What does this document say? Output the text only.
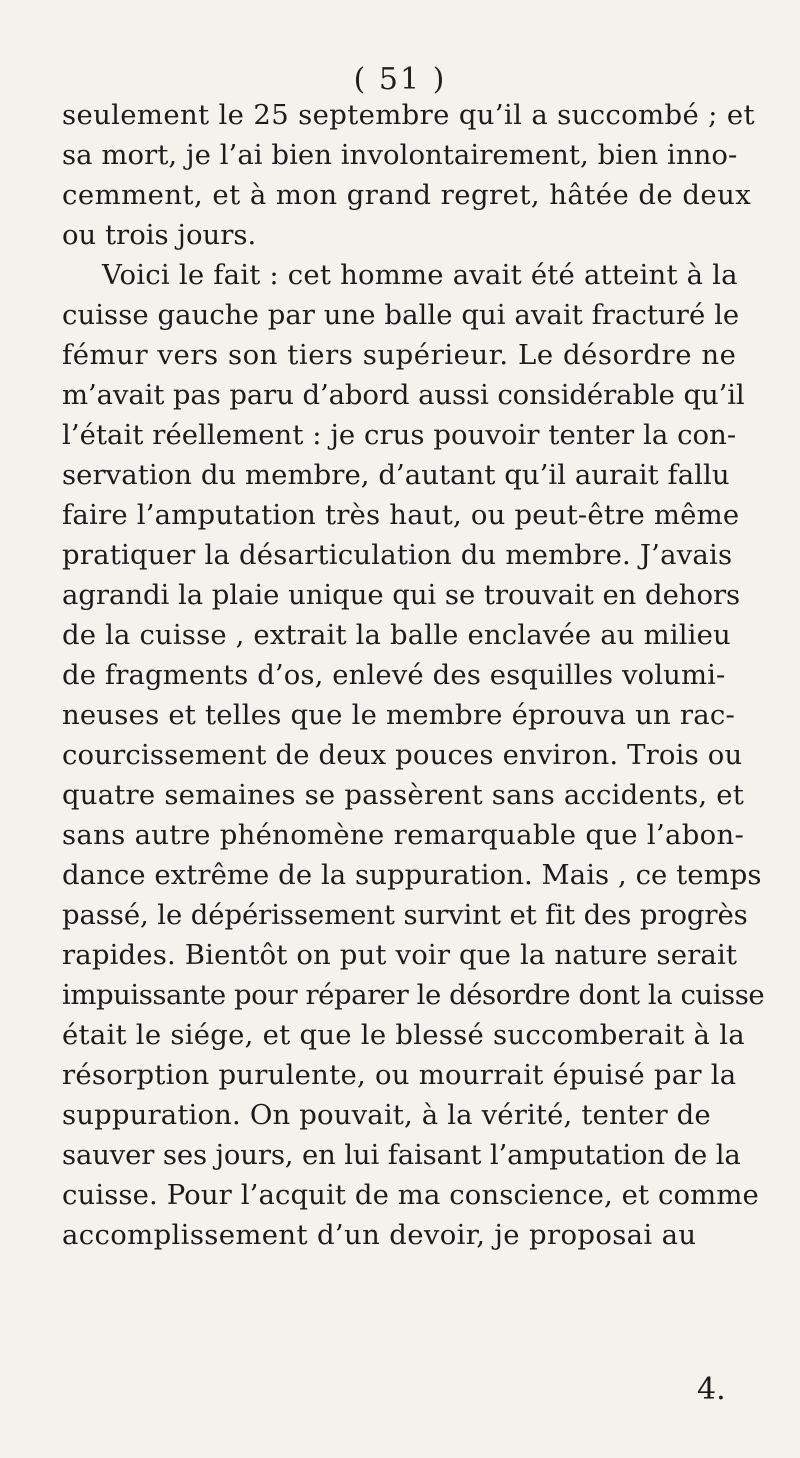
( 51 )
seulement le 25 septembre qu’il a succombé ; et
sa mort, je l’ai bien involontairement, bien inno-
cemment, et à mon grand regret, hâtée de deux
ou trois jours.
Voici le fait : cet homme avait été atteint à la
cuisse gauche par une balle qui avait fracturé le
fémur vers son tiers supérieur. Le désordre ne
m’avait pas paru d’abord aussi considérable qu’il
l’était réellement : je crus pouvoir tenter la con-
servation du membre, d’autant qu’il aurait fallu
faire l’amputation très haut, ou peut-être même
pratiquer la désarticulation du membre. J’avais
agrandi la plaie unique qui se trouvait en dehors
de la cuisse , extrait la balle enclavée au milieu
de fragments d’os, enlevé des esquilles volumi-
neuses et telles que le membre éprouva un rac-
courcissement de deux pouces environ. Trois ou
quatre semaines se passèrent sans accidents, et
sans autre phénomène remarquable que l’abon-
dance extrême de la suppuration. Mais , ce temps
passé, le dépérissement survint et fit des progrès
rapides. Bientôt on put voir que la nature serait
impuissante pour réparer le désordre dont la cuisse
était le siége, et que le blessé succomberait à la
résorption purulente, ou mourrait épuisé par la
suppuration. On pouvait, à la vérité, tenter de
sauver ses jours, en lui faisant l’amputation de la
cuisse. Pour l’acquit de ma conscience, et comme
accomplissement d’un devoir, je proposai au
4.
